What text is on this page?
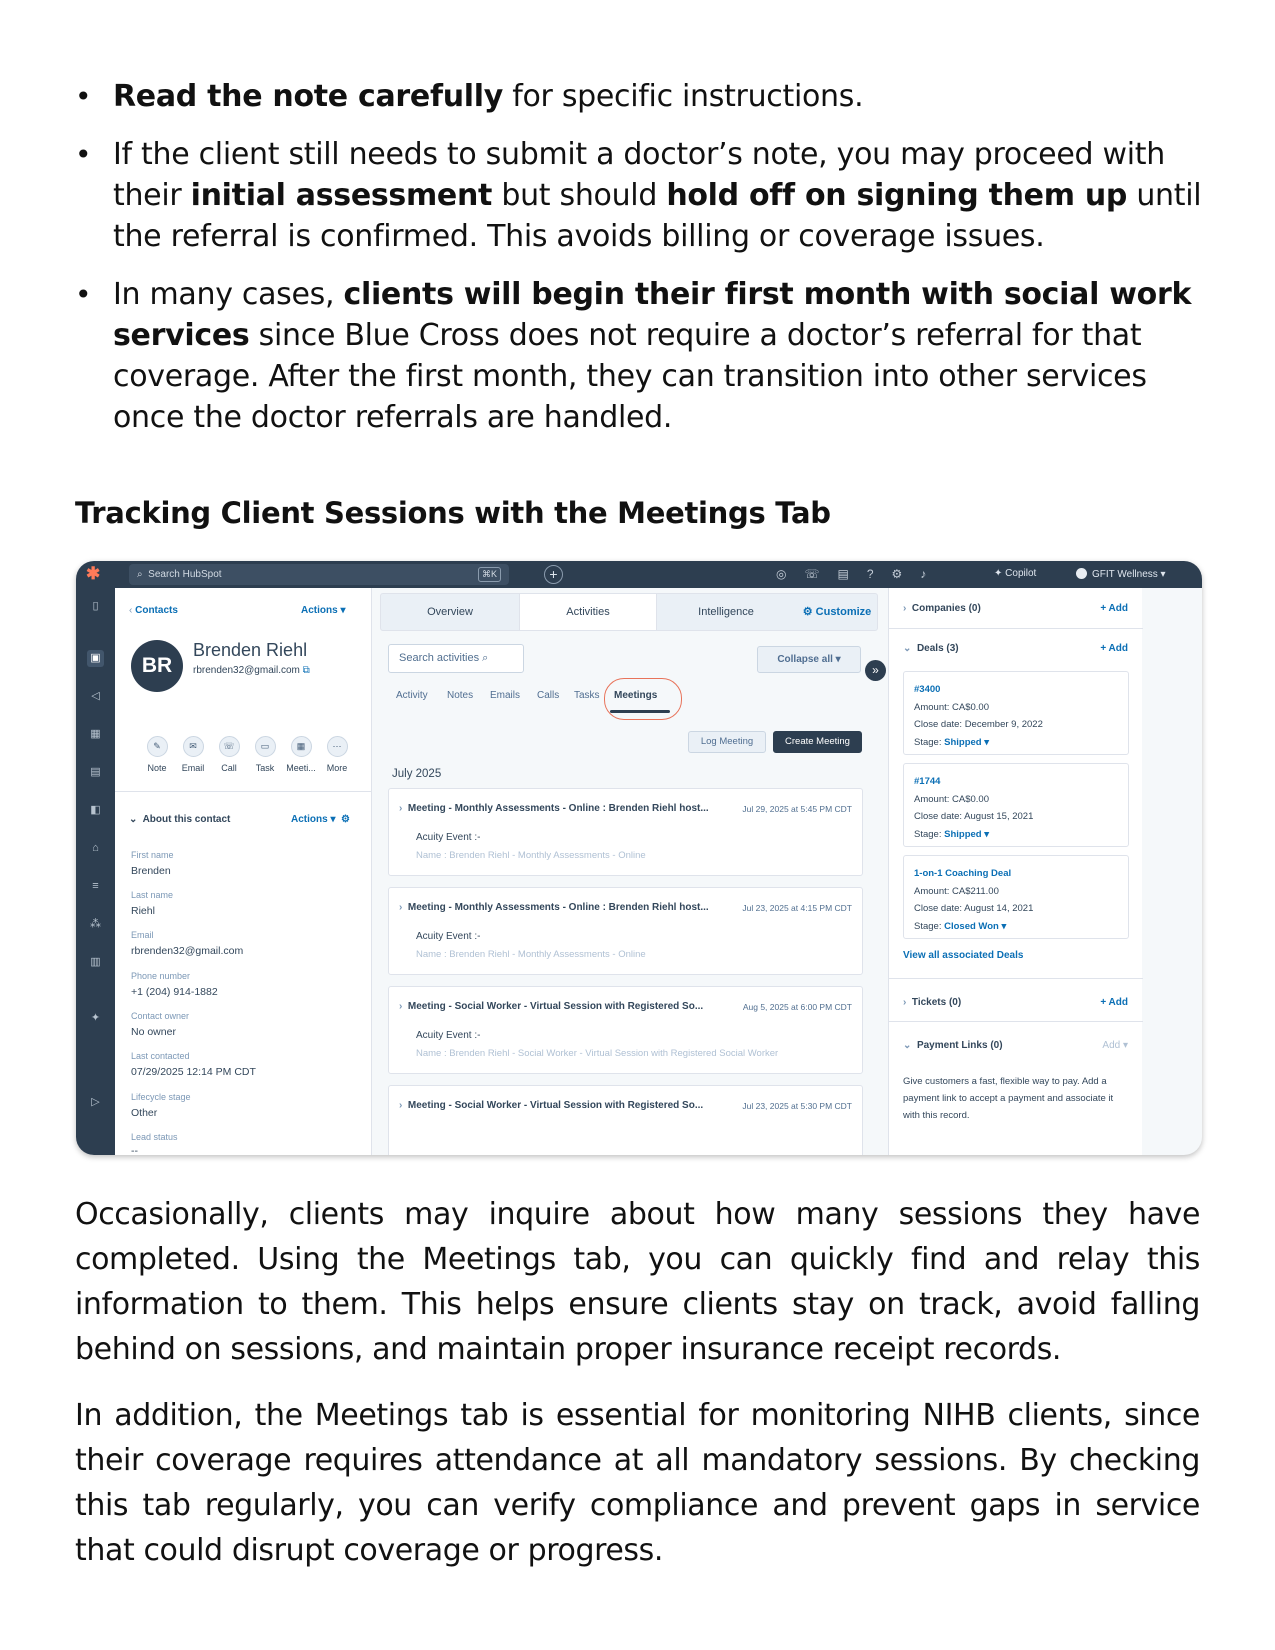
• Read the note carefully for specific instructions.
• If the client still needs to submit a doctor’s note, you may proceed with their initial assessment but should hold off on signing them up until the referral is confirmed. This avoids billing or coverage issues.
• In many cases, clients will begin their first month with social work services since Blue Cross does not require a doctor’s referral for that coverage. After the first month, they can transition into other services once the doctor referrals are handled.
Tracking Client Sessions with the Meetings Tab
✱	⌕ Search HubSpot	⌘K	+	◎☏▤?⚙♪	✦ Copilot	GFIT Wellness ▾
▯
▣
◁
▦
▤
◧
⌂
≡
⁂
▥
✦
▷
‹ Contacts	Actions ▾
BR
Brenden Riehl
rbrenden32@gmail.com ⧉
✎
Note
✉
Email
☏
Call
▭
Task
▦
Meeti...
⋯
More
⌄ About this contact	Actions ▾ ⚙
First name
Brenden
Last name
Riehl
Email
rbrenden32@gmail.com
Phone number
+1 (204) 914-1882
Contact owner
No owner
Last contacted
07/29/2025 12:14 PM CDT
Lifecycle stage
Other
Lead status
--
Overview	Activities	Intelligence	⚙ Customize
Search activities ⌕	Collapse all ▾
»
Activity Notes Emails Calls Tasks Meetings
Log Meeting	Create Meeting
July 2025
› Meeting - Monthly Assessments - Online : Brenden Riehl host...	Jul 29, 2025 at 5:45 PM CDT
Acuity Event :-
Name : Brenden Riehl - Monthly Assessments - Online
› Meeting - Monthly Assessments - Online : Brenden Riehl host...	Jul 23, 2025 at 4:15 PM CDT
Acuity Event :-
Name : Brenden Riehl - Monthly Assessments - Online
› Meeting - Social Worker - Virtual Session with Registered So...	Aug 5, 2025 at 6:00 PM CDT
Acuity Event :-
Name : Brenden Riehl - Social Worker - Virtual Session with Registered Social Worker
› Meeting - Social Worker - Virtual Session with Registered So...	Jul 23, 2025 at 5:30 PM CDT
› Companies (0)	+ Add
⌄ Deals (3)	+ Add
#3400
Amount: CA$0.00
Close date: December 9, 2022
Stage: Shipped ▾
#1744
Amount: CA$0.00
Close date: August 15, 2021
Stage: Shipped ▾
1-on-1 Coaching Deal
Amount: CA$211.00
Close date: August 14, 2021
Stage: Closed Won ▾
View all associated Deals
› Tickets (0)	+ Add
⌄ Payment Links (0)	Add ▾
Give customers a fast, flexible way to pay. Add a payment link to accept a payment and associate it with this record.

Occasionally, clients may inquire about how many sessions they have completed. Using the Meetings tab, you can quickly find and relay this information to them. This helps ensure clients stay on track, avoid falling behind on sessions, and maintain proper insurance receipt records.

In addition, the Meetings tab is essential for monitoring NIHB clients, since their coverage requires attendance at all mandatory sessions. By checking this tab regularly, you can verify compliance and prevent gaps in service that could disrupt coverage or progress.
